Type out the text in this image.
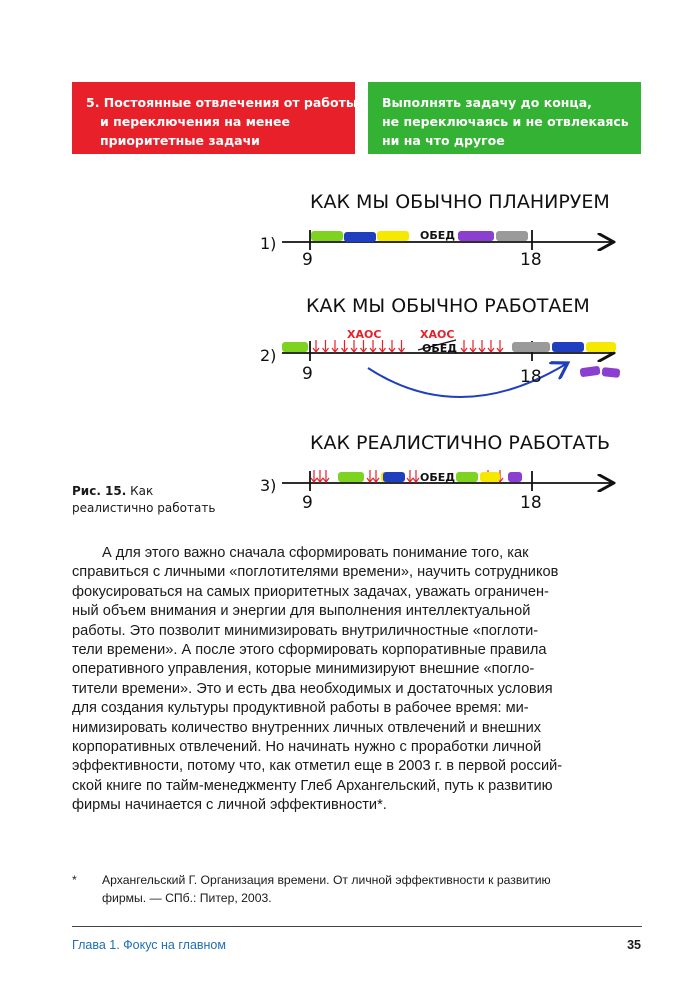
5. Постоянные отвлечения от работы
и переключения на менее
приоритетные задачи
Выполнять задачу до конца,
не переключаясь и не отвлекаясь
ни на что другое
КАК МЫ ОБЫЧНО ПЛАНИРУЕМ
1)	ОБЕД
9	18
КАК МЫ ОБЫЧНО РАБОТАЕМ
2)
ХАОС	ХАОС
ОБЕД
9	18
КАК РЕАЛИСТИЧНО РАБОТАТЬ
3)	ОБЕД
9	18
Рис. 15. Как
реалистично работать
А для этого важно сначала сформировать понимание того, как
справиться с личными «поглотителями времени», научить сотрудников
фокусироваться на самых приоритетных задачах, уважать ограничен-
ный объем внимания и энергии для выполнения интеллектуальной
работы. Это позволит минимизировать внутриличностные «поглоти-
тели времени». А после этого сформировать корпоративные правила
оперативного управления, которые минимизируют внешние «погло-
тители времени». Это и есть два необходимых и достаточных условия
для создания культуры продуктивной работы в рабочее время: ми-
нимизировать количество внутренних личных отвлечений и внешних
корпоративных отвлечений. Но начинать нужно с проработки личной
эффективности, потому что, как отметил еще в 2003 г. в первой россий-
ской книге по тайм-менеджменту Глеб Архангельский, путь к развитию
фирмы начинается с личной эффективности*.
* Архангельский Г. Организация времени. От личной эффективности к развитию
фирмы. — СПб.: Питер, 2003.
Глава 1. Фокус на главном	35
